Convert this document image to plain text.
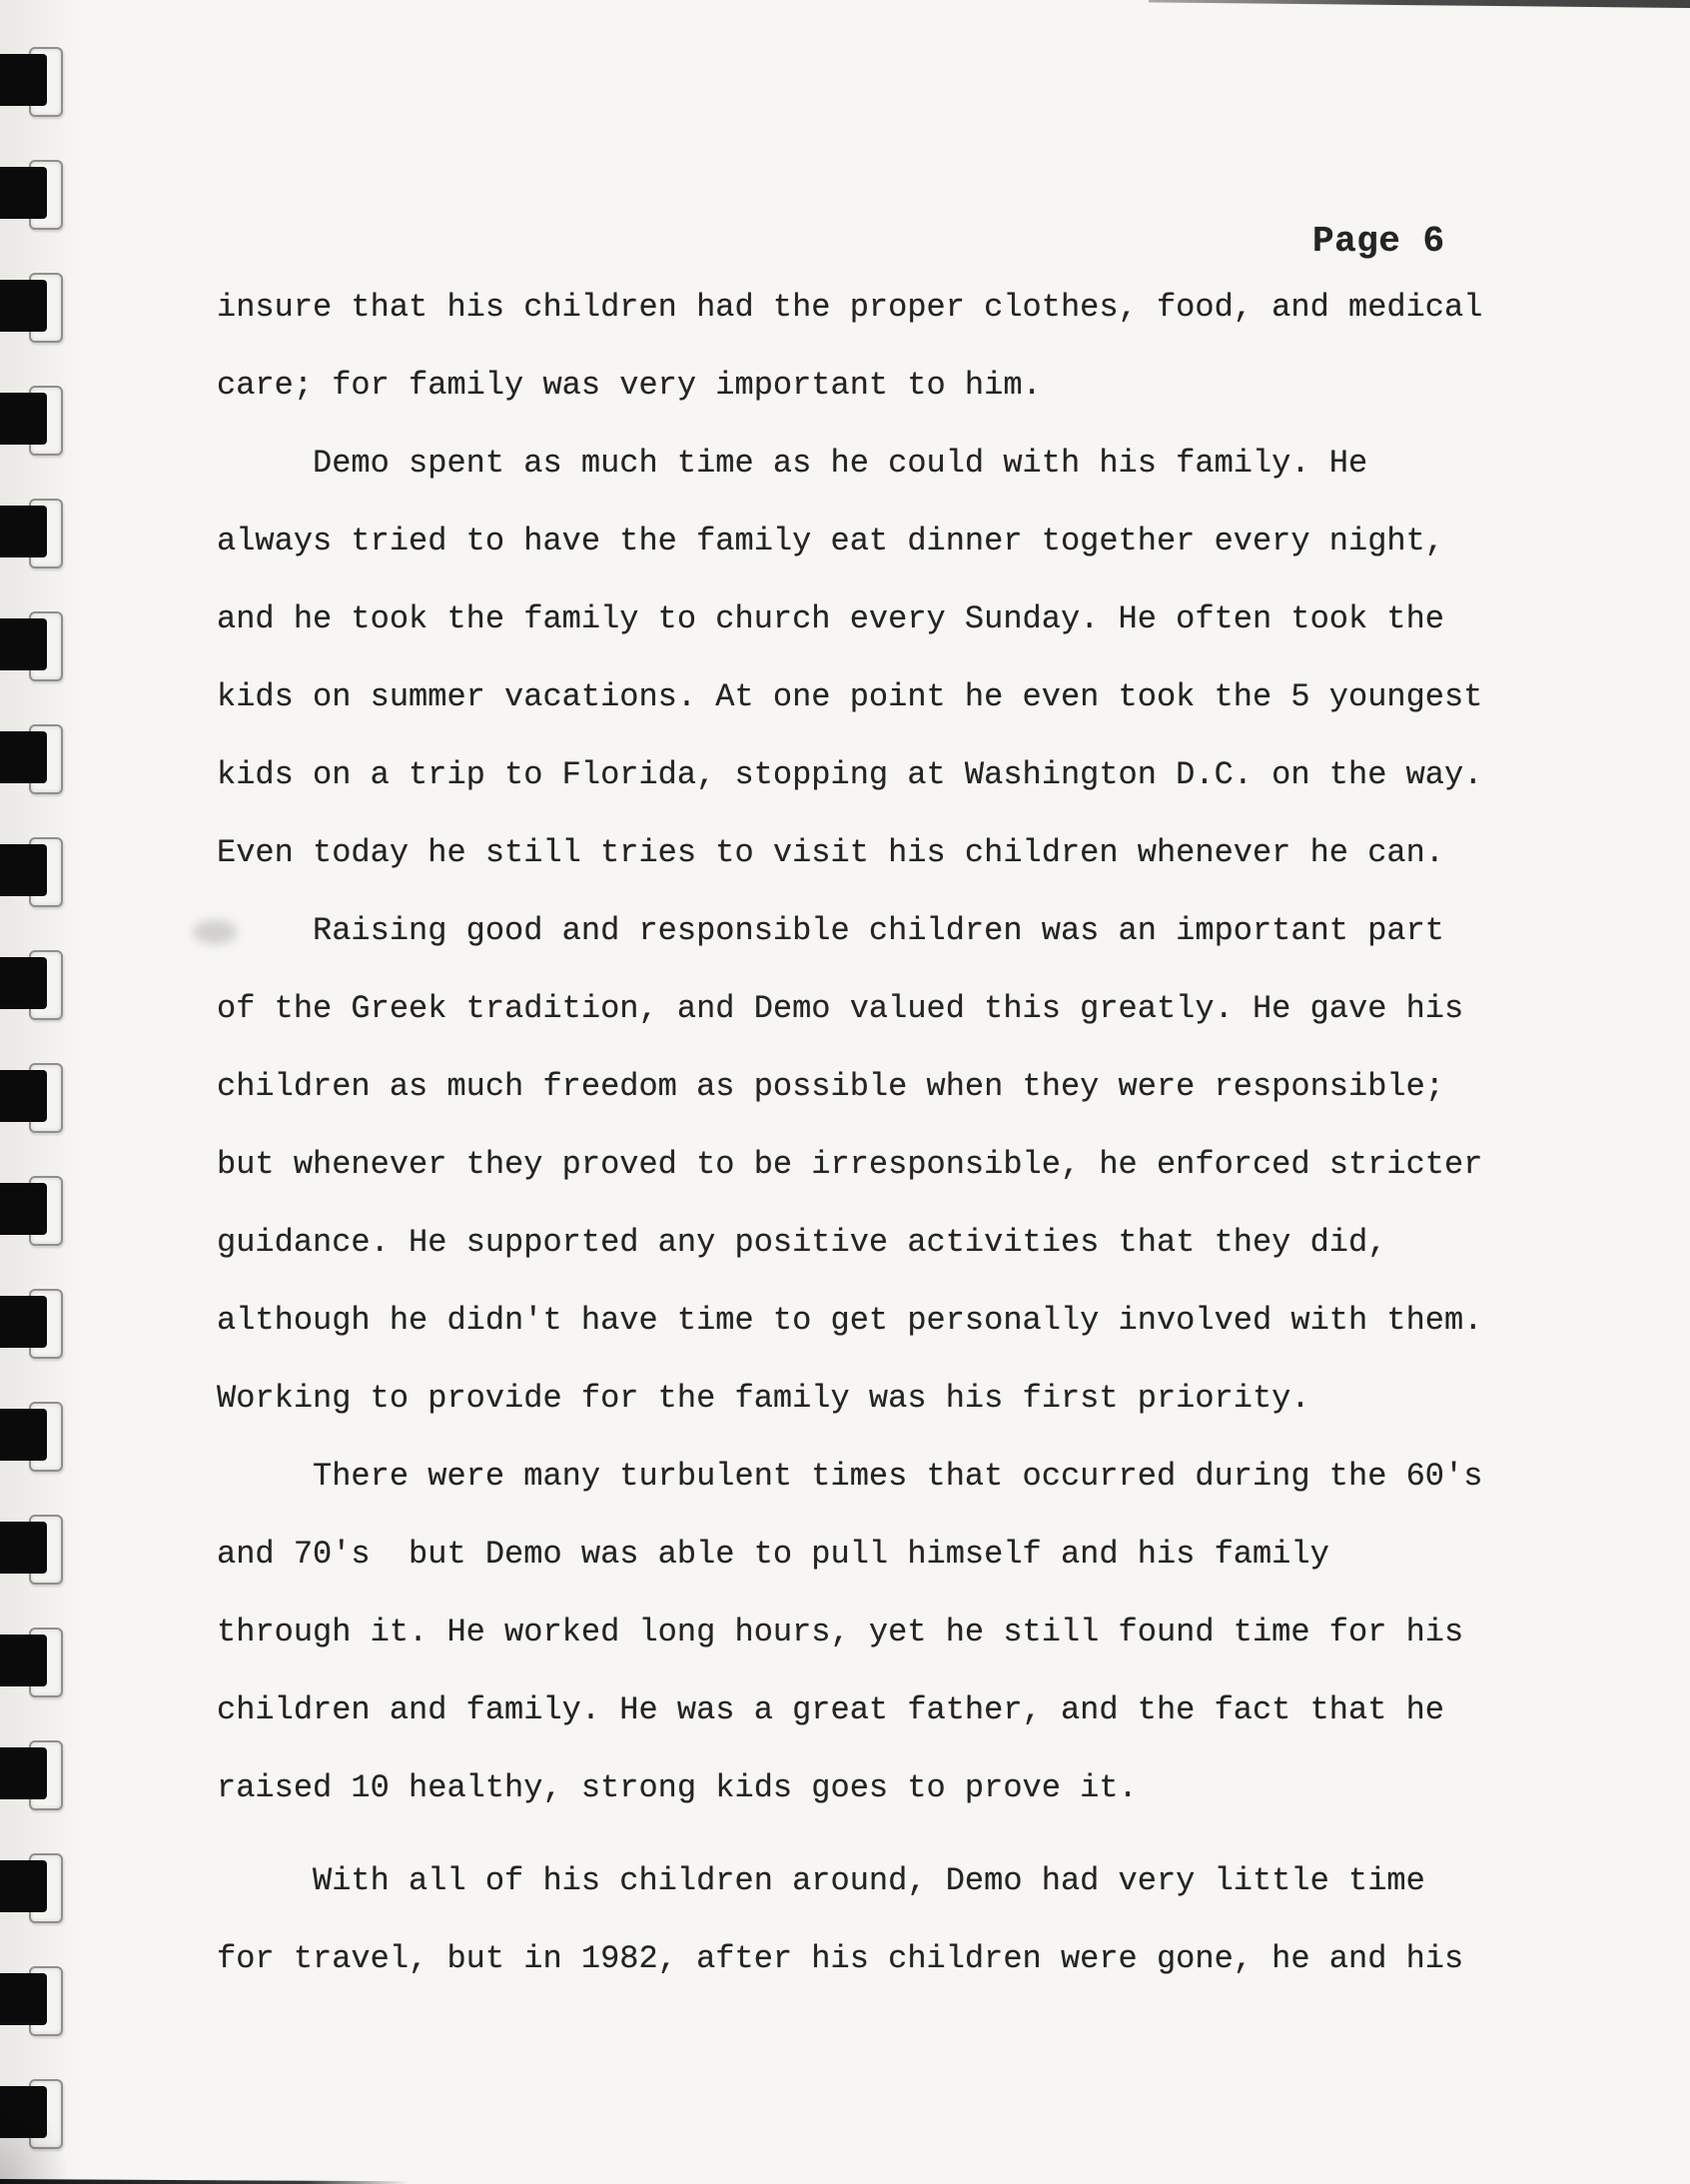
Page 6
insure that his children had the proper clothes, food, and medical
care; for family was very important to him.
Demo spent as much time as he could with his family. He
always tried to have the family eat dinner together every night,
and he took the family to church every Sunday. He often took the
kids on summer vacations. At one point he even took the 5 youngest
kids on a trip to Florida, stopping at Washington D.C. on the way.
Even today he still tries to visit his children whenever he can.
Raising good and responsible children was an important part
of the Greek tradition, and Demo valued this greatly. He gave his
children as much freedom as possible when they were responsible;
but whenever they proved to be irresponsible, he enforced stricter
guidance. He supported any positive activities that they did,
although he didn't have time to get personally involved with them.
Working to provide for the family was his first priority.
There were many turbulent times that occurred during the 60's
and 70's  but Demo was able to pull himself and his family
through it. He worked long hours, yet he still found time for his
children and family. He was a great father, and the fact that he
raised 10 healthy, strong kids goes to prove it.
With all of his children around, Demo had very little time
for travel, but in 1982, after his children were gone, he and his
